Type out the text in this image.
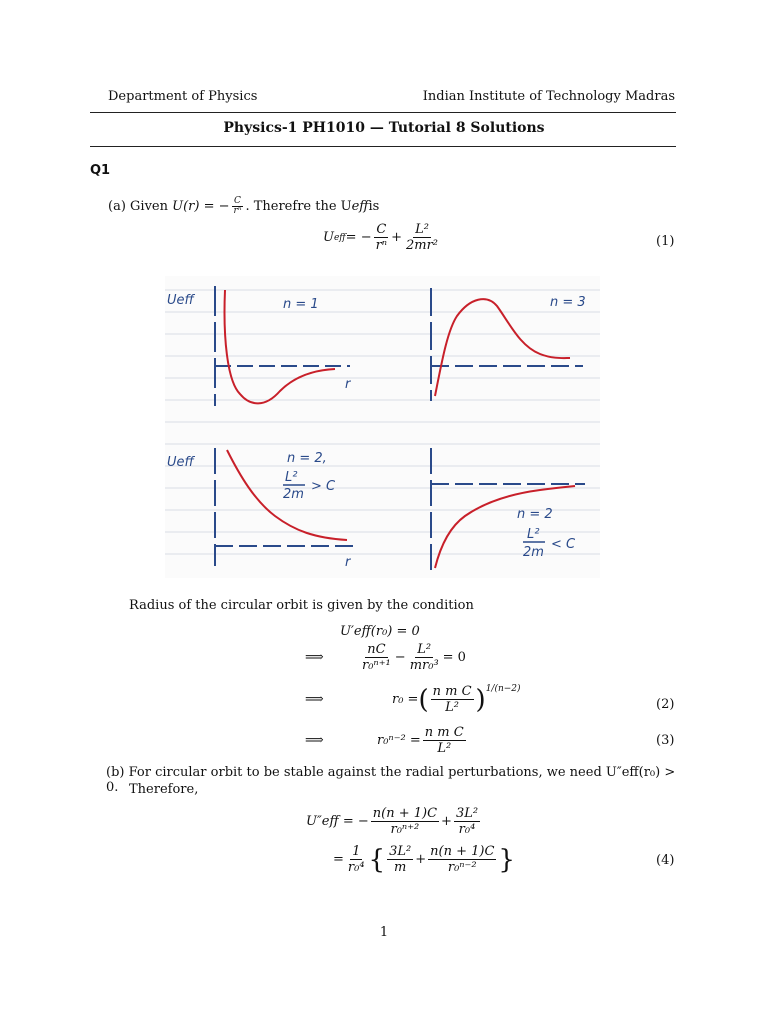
Department of Physics	Indian Institute of Technology Madras
Physics-1 PH1010 — Tutorial 8 Solutions
Q1
(a)
Given
U(r) = − $\frac{C}{\text{rⁿ}}$ . Therefre the U eff is
U eff = − $\frac{C}{\text{rⁿ}} + \frac{\text{L²}}{\text{2mr²}}$	(1)
Ueff	n = 1
r
n = 3
Ueff	n = 2,
L²
2m
> C
r
n = 2
L²
2m
< C
Radius of the circular orbit is given by the condition
U′eff(r₀) = 0
⟹	$\frac{nC}{\text{r₀ⁿ⁺¹}} - \frac{\text{L²}}{\text{mr₀³}} = 0$
⟹	r₀ = ( $\frac{\text{n m C}}{\text{L²}} )^{1/(n-2)}$
(2)
⟹	$r_0^{n-2} = \frac{\text{n m C}}{\text{L²}}$	(3)
(b) For circular orbit to be stable against the radial perturbations, we need U″eff(r₀) > 0. Therefore,
U″eff = − $\frac{n(n + 1)C}{\text{r₀ⁿ⁺²}} + \frac{\text{3L²}}{\text{r₀⁴}}$
= $\frac{1}{\text{r₀⁴}}$ { $\frac{\text{3L²}}{m} + \frac{n(n + 1)C}{\text{r₀ⁿ⁻²}}$ }	(4)
1
